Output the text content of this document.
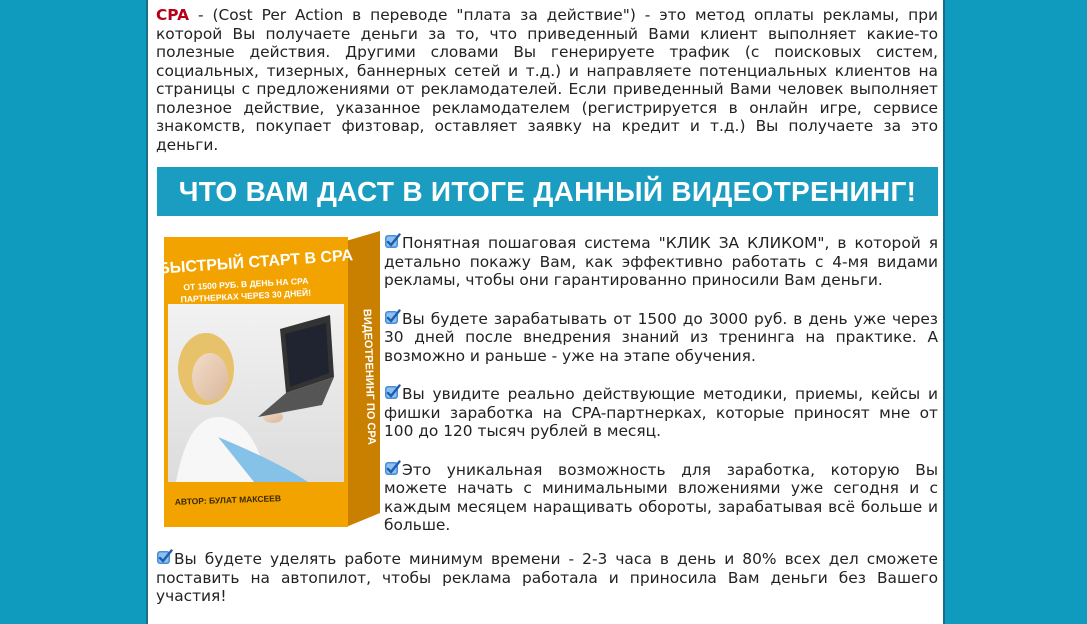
CPA - (Cost Per Action в переводе "плата за действие") - это метод оплаты рекламы, при которой Вы получаете деньги за то, что приведенный Вами клиент выполняет какие-то полезные действия. Другими словами Вы генерируете трафик (с поисковых систем, социальных, тизерных, баннерных сетей и т.д.) и направляете потенциальных клиентов на страницы с предложениями от рекламодателей. Если приведенный Вами человек выполняет полезное действие, указанное рекламодателем (регистрируется в онлайн игре, сервисе знакомств, покупает физтовар, оставляет заявку на кредит и т.д.) Вы получаете за это деньги.

ЧТО ВАМ ДАСТ В ИТОГЕ ДАННЫЙ ВИДЕОТРЕНИНГ!
БЫСТРЫЙ СТАРТ В CPA
ОТ 1500 РУБ. В ДЕНЬ НА CPA
ПАРТНЕРКАХ ЧЕРЕЗ 30 ДНЕЙ!
АВТОР: БУЛАТ МАКСЕЕВ
ВИДЕОТРЕНИНГ ПО CPA
Понятная пошаговая система "КЛИК ЗА КЛИКОМ", в которой я детально покажу Вам, как эффективно работать с 4-мя видами рекламы, чтобы они гарантированно приносили Вам деньги.
Вы будете зарабатывать от 1500 до 3000 руб. в день уже через 30 дней после внедрения знаний из тренинга на практике. А возможно и раньше - уже на этапе обучения.
Вы увидите реально действующие методики, приемы, кейсы и фишки заработка на CPA-партнерках, которые приносят мне от 100 до 120 тысяч рублей в месяц.
Это уникальная возможность для заработка, которую Вы можете начать с минимальными вложениями уже сегодня и с каждым месяцем наращивать обороты, зарабатывая всё больше и больше.

Вы будете уделять работе минимум времени - 2-3 часа в день и 80% всех дел сможете поставить на автопилот, чтобы реклама работала и приносила Вам деньги без Вашего участия!
